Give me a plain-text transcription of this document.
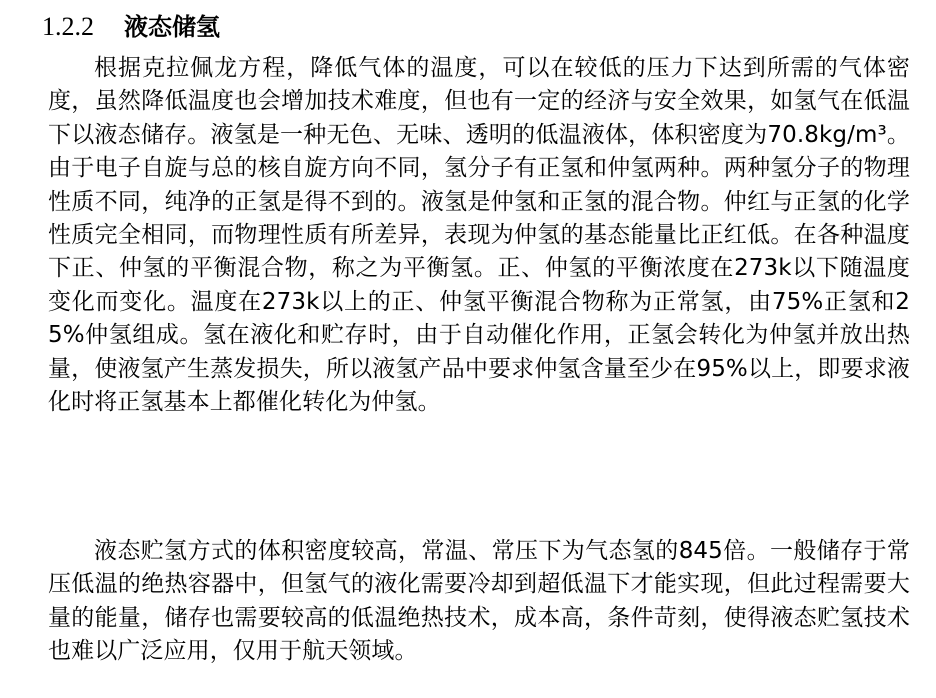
1.2.2 液态储氢

根据克拉佩龙方程，降低气体的温度，可以在较低的压力下达到所需的气体密度，虽然降低温度也会增加技术难度，但也有一定的经济与安全效果，如氢气在低温下以液态储存。液氢是一种无色、无味、透明的低温液体，体积密度为70.8kg/m³。由于电子自旋与总的核自旋方向不同，氢分子有正氢和仲氢两种。两种氢分子的物理性质不同，纯净的正氢是得不到的。液氢是仲氢和正氢的混合物。仲红与正氢的化学性质完全相同，而物理性质有所差异，表现为仲氢的基态能量比正红低。在各种温度下正、仲氢的平衡混合物，称之为平衡氢。正、仲氢的平衡浓度在273k以下随温度变化而变化。温度在273k以上的正、仲氢平衡混合物称为正常氢，由75%正氢和25%仲氢组成。氢在液化和贮存时，由于自动催化作用，正氢会转化为仲氢并放出热量，使液氢产生蒸发损失，所以液氢产品中要求仲氢含量至少在95%以上，即要求液化时将正氢基本上都催化转化为仲氢。

液态贮氢方式的体积密度较高，常温、常压下为气态氢的845倍。一般储存于常压低温的绝热容器中，但氢气的液化需要冷却到超低温下才能实现，但此过程需要大量的能量，储存也需要较高的低温绝热技术，成本高，条件苛刻，使得液态贮氢技术也难以广泛应用，仅用于航天领域。
